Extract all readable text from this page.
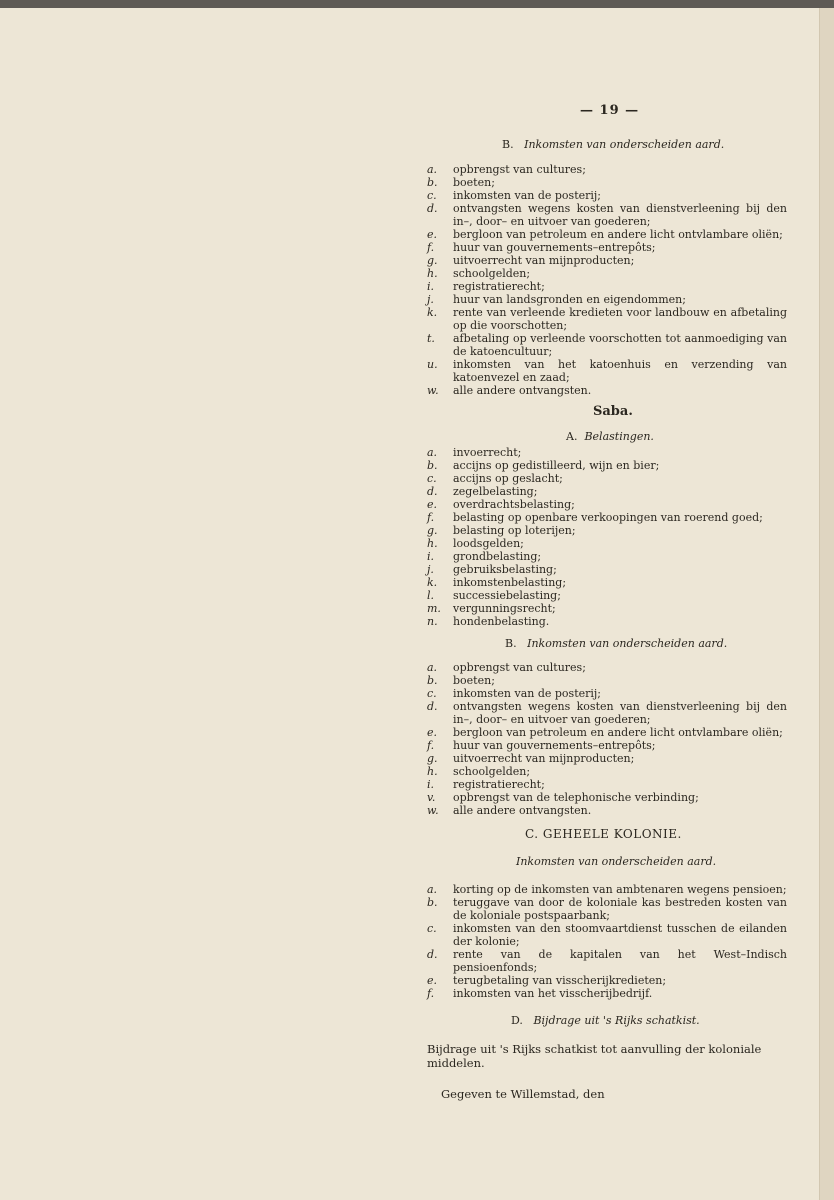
— 19 —
B. Inkomsten van onderscheiden aard.
a.	opbrengst van cultures;
b.	boeten;
c.	inkomsten van de posterij;
d.	ontvangsten wegens kosten van dienstverleening bij den in–, door– en uitvoer van goederen;
e.	bergloon van petroleum en andere licht ontvlambare oliën;
f.	huur van gouvernements–entrepôts;
g.	uitvoerrecht van mijnproducten;
h.	schoolgelden;
i.	registratierecht;
j.	huur van landsgronden en eigendommen;
k.	rente van verleende kredieten voor landbouw en afbetaling op die voorschotten;
t.	afbetaling op verleende voorschotten tot aanmoediging van de katoencultuur;
u.	inkomsten van het katoenhuis en verzending van katoenvezel en zaad;
w.	alle andere ontvangsten.
Saba.
A. Belastingen.
a.	invoerrecht;
b.	accijns op gedistilleerd, wijn en bier;
c.	accijns op geslacht;
d.	zegelbelasting;
e.	overdrachtsbelasting;
f.	belasting op openbare verkoopingen van roerend goed;
g.	belasting op loterijen;
h.	loodsgelden;
i.	grondbelasting;
j.	gebruiksbelasting;
k.	inkomstenbelasting;
l.	successiebelasting;
m.	vergunningsrecht;
n.	hondenbelasting.
B. Inkomsten van onderscheiden aard.
a.	opbrengst van cultures;
b.	boeten;
c.	inkomsten van de posterij;
d.	ontvangsten wegens kosten van dienstverleening bij den in–, door– en uitvoer van goederen;
e.	bergloon van petroleum en andere licht ontvlambare oliën;
f.	huur van gouvernements–entrepôts;
g.	uitvoerrecht van mijnproducten;
h.	schoolgelden;
i.	registratierecht;
v.	opbrengst van de telephonische verbinding;
w.	alle andere ontvangsten.
C. GEHEELE KOLONIE.
Inkomsten van onderscheiden aard.
a.	korting op de inkomsten van ambtenaren wegens pensioen;
b.	teruggave van door de koloniale kas bestreden kosten van de koloniale postspaarbank;
c.	inkomsten van den stoomvaartdienst tusschen de eilanden der kolonie;
d.	rente van de kapitalen van het West–Indisch pensioenfonds;
e.	terugbetaling van visscherijkredieten;
f.	inkomsten van het visscherijbedrijf.
D. Bijdrage uit 's Rijks schatkist.
Bijdrage uit 's Rijks schatkist tot aanvulling der koloniale middelen.
Gegeven te Willemstad, den
